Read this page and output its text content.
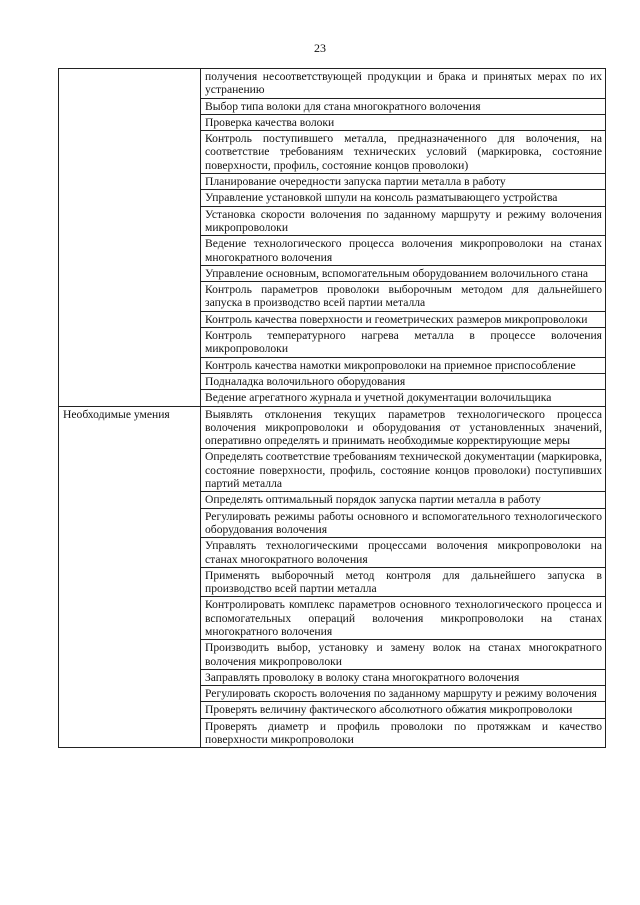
23
	получения несоответствующей продукции и брака и принятых мерах по их устранению
	Выбор типа волоки для стана многократного волочения
	Проверка качества волоки
	Контроль поступившего металла, предназначенного для волочения, на соответствие требованиям технических условий (маркировка, состояние поверхности, профиль, состояние концов проволоки)
	Планирование очередности запуска партии металла в работу
	Управление установкой шпули на консоль разматывающего устройства
	Установка скорости волочения по заданному маршруту и режиму волочения микропроволоки
	Ведение технологического процесса волочения микропроволоки на станах многократного волочения
	Управление основным, вспомогательным оборудованием волочильного стана
	Контроль параметров проволоки выборочным методом для дальнейшего запуска в производство всей партии металла
	Контроль качества поверхности и геометрических размеров микропроволоки
	Контроль температурного нагрева металла в процессе волочения микропроволоки
	Контроль качества намотки микропроволоки на приемное приспособление
	Подналадка волочильного оборудования
	Ведение агрегатного журнала и учетной документации волочильщика

Необходимые умения	Выявлять отклонения текущих параметров технологического процесса волочения микропроволоки и оборудования от установленных значений, оперативно определять и принимать необходимые корректирующие меры
	Определять соответствие требованиям технической документации (маркировка, состояние поверхности, профиль, состояние концов проволоки) поступивших партий металла
	Определять оптимальный порядок запуска партии металла в работу
	Регулировать режимы работы основного и вспомогательного технологического оборудования волочения
	Управлять технологическими процессами волочения микропроволоки на станах многократного волочения
	Применять выборочный метод контроля для дальнейшего запуска в производство всей партии металла
	Контролировать комплекс параметров основного технологического процесса и вспомогательных операций волочения микропроволоки на станах многократного волочения
	Производить выбор, установку и замену волок на станах многократного волочения микропроволоки
	Заправлять проволоку в волоку стана многократного волочения
	Регулировать скорость волочения по заданному маршруту и режиму волочения
	Проверять величину фактического абсолютного обжатия микропроволоки
	Проверять диаметр и профиль проволоки по протяжкам и качество поверхности микропроволоки
